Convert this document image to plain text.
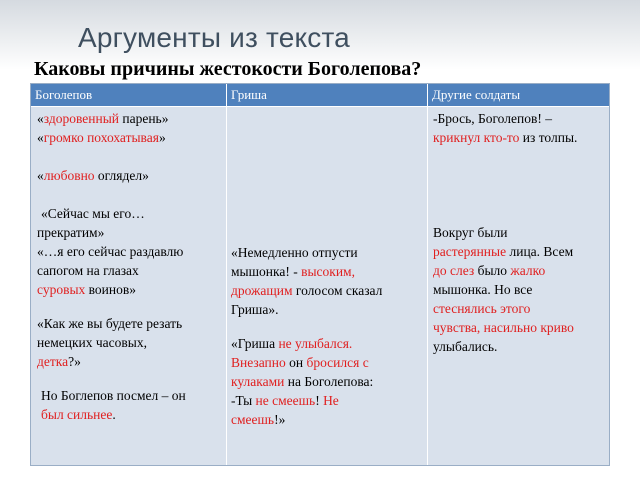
Аргументы из текста
Каковы причины жестокости Боголепова?
Боголепов	Гриша	Другие солдаты

«здоровенный парень»

«громко похохатывая»

«любовно оглядел»

«Сейчас мы его…

прекратим»

«…я его сейчас раздавлю

сапогом на глазах

суровых воинов»

«Как же вы будете резать

немецких часовых,

детка?»

Но Боглепов посмел – он

был сильнее.

«Немедленно отпусти

мышонка! - высоким,

дрожащим голосом сказал

Гриша».

«Гриша не улыбался.

Внезапно он бросился с

кулаками на Боголепова:

-Ты не смеешь! Не

смеешь!»

-Брось, Боголепов! –

крикнул кто-то из толпы.

Вокруг были

растерянные лица. Всем

до слез было жалко

мышонка. Но все

стеснялись этого

чувства, насильно криво

улыбались.
